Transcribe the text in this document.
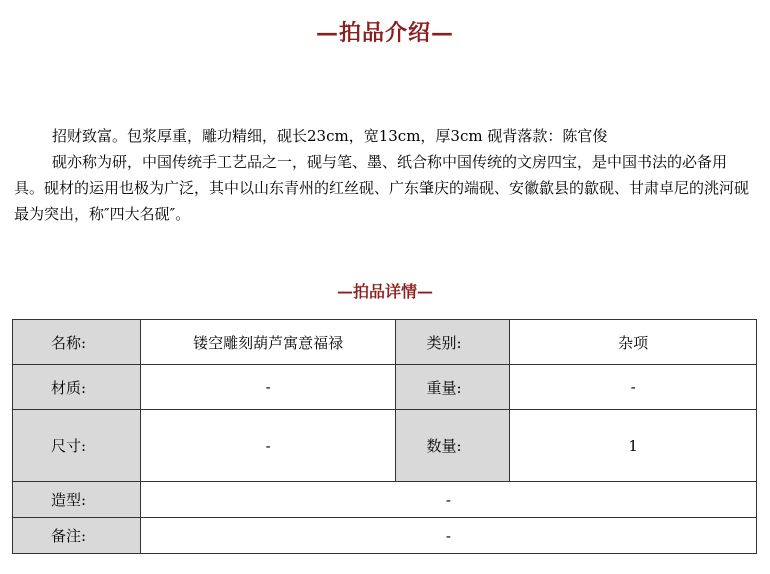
—拍品介绍—
招财致富。包浆厚重，雕功精细，砚长23cm，宽13cm，厚3cm 砚背落款：陈官俊
砚亦称为研，中国传统手工艺品之一，砚与笔、墨、纸合称中国传统的文房四宝，是中国书法的必备用具。砚材的运用也极为广泛，其中以山东青州的红丝砚、广东肇庆的端砚、安徽歙县的歙砚、甘肃卓尼的洮河砚最为突出，称″四大名砚″。
—拍品详情—
名称:	镂空雕刻葫芦寓意福禄	类别:	杂项
材质:	-	重量:	-
尺寸:	-	数量:	1
造型:	-		
备注:	-		
